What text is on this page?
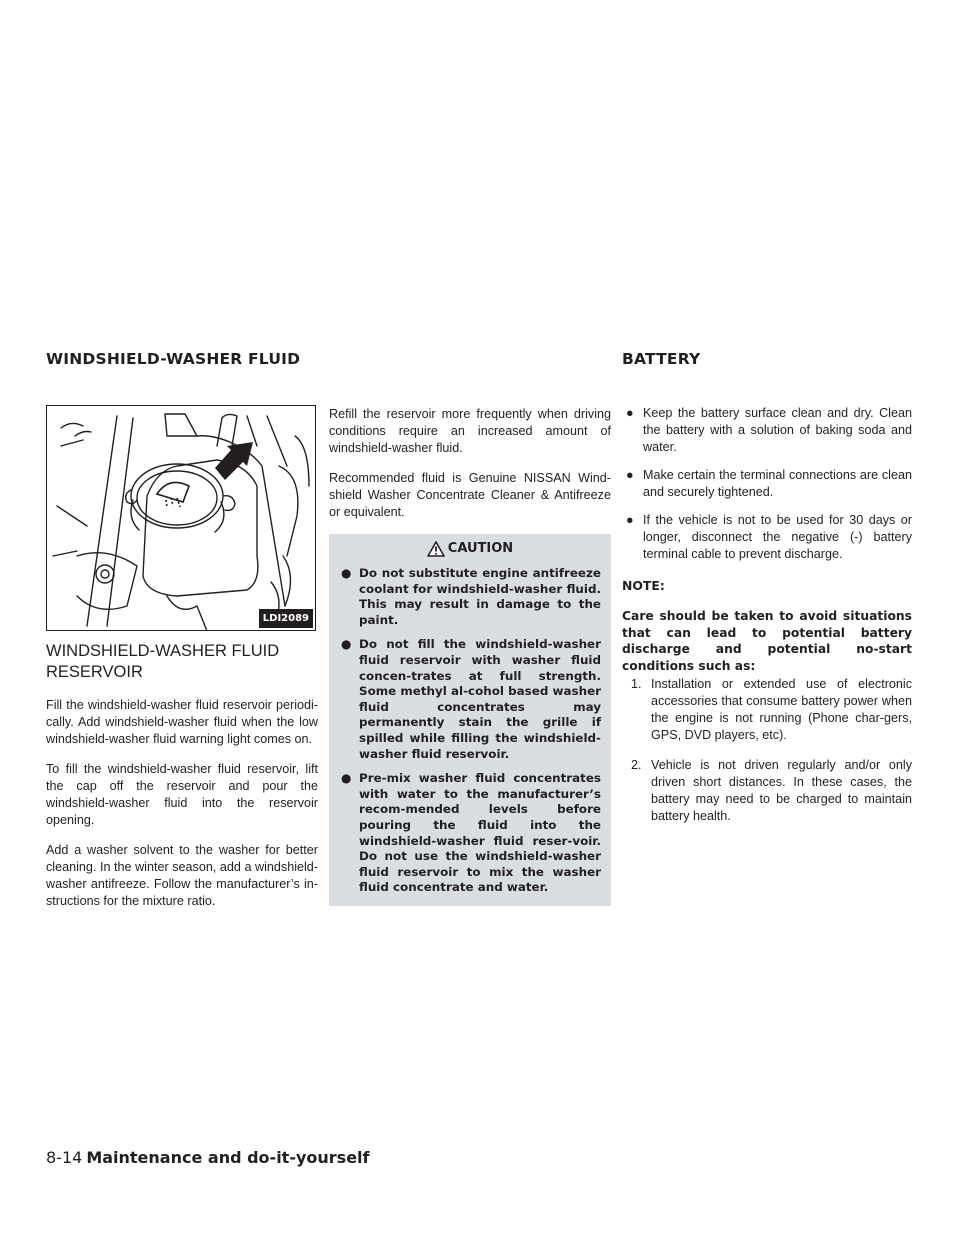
WINDSHIELD-WASHER FLUID	BATTERY
LDI2089
WINDSHIELD-WASHER FLUID RESERVOIR

Fill the windshield-washer fluid reservoir periodi-cally. Add windshield-washer fluid when the low windshield-washer fluid warning light comes on.

To fill the windshield-washer fluid reservoir, lift the cap off the reservoir and pour the windshield-washer fluid into the reservoir opening.

Add a washer solvent to the washer for better cleaning. In the winter season, add a windshield-washer antifreeze. Follow the manufacturer’s in-structions for the mixture ratio.

Refill the reservoir more frequently when driving conditions require an increased amount of windshield-washer fluid.

Recommended fluid is Genuine NISSAN Wind-shield Washer Concentrate Cleaner & Antifreeze or equivalent.

CAUTION
● Do not substitute engine antifreeze coolant for windshield-washer fluid. This may result in damage to the paint.
● Do not fill the windshield-washer fluid reservoir with washer fluid concen-trates at full strength. Some methyl al-cohol based washer fluid concentrates may permanently stain the grille if spilled while filling the windshield-washer fluid reservoir.
● Pre-mix washer fluid concentrates with water to the manufacturer’s recom-mended levels before pouring the fluid into the windshield-washer fluid reser-voir. Do not use the windshield-washer fluid reservoir to mix the washer fluid concentrate and water.
● Keep the battery surface clean and dry. Clean the battery with a solution of baking soda and water.
● Make certain the terminal connections are clean and securely tightened.
● If the vehicle is not to be used for 30 days or longer, disconnect the negative (-) battery terminal cable to prevent discharge.
NOTE:

Care should be taken to avoid situations that can lead to potential battery discharge and potential no-start conditions such as:

1. Installation or extended use of electronic accessories that consume battery power when the engine is not running (Phone char-gers, GPS, DVD players, etc).
2. Vehicle is not driven regularly and/or only driven short distances. In these cases, the battery may need to be charged to maintain battery health.
8-14 Maintenance and do-it-yourself
